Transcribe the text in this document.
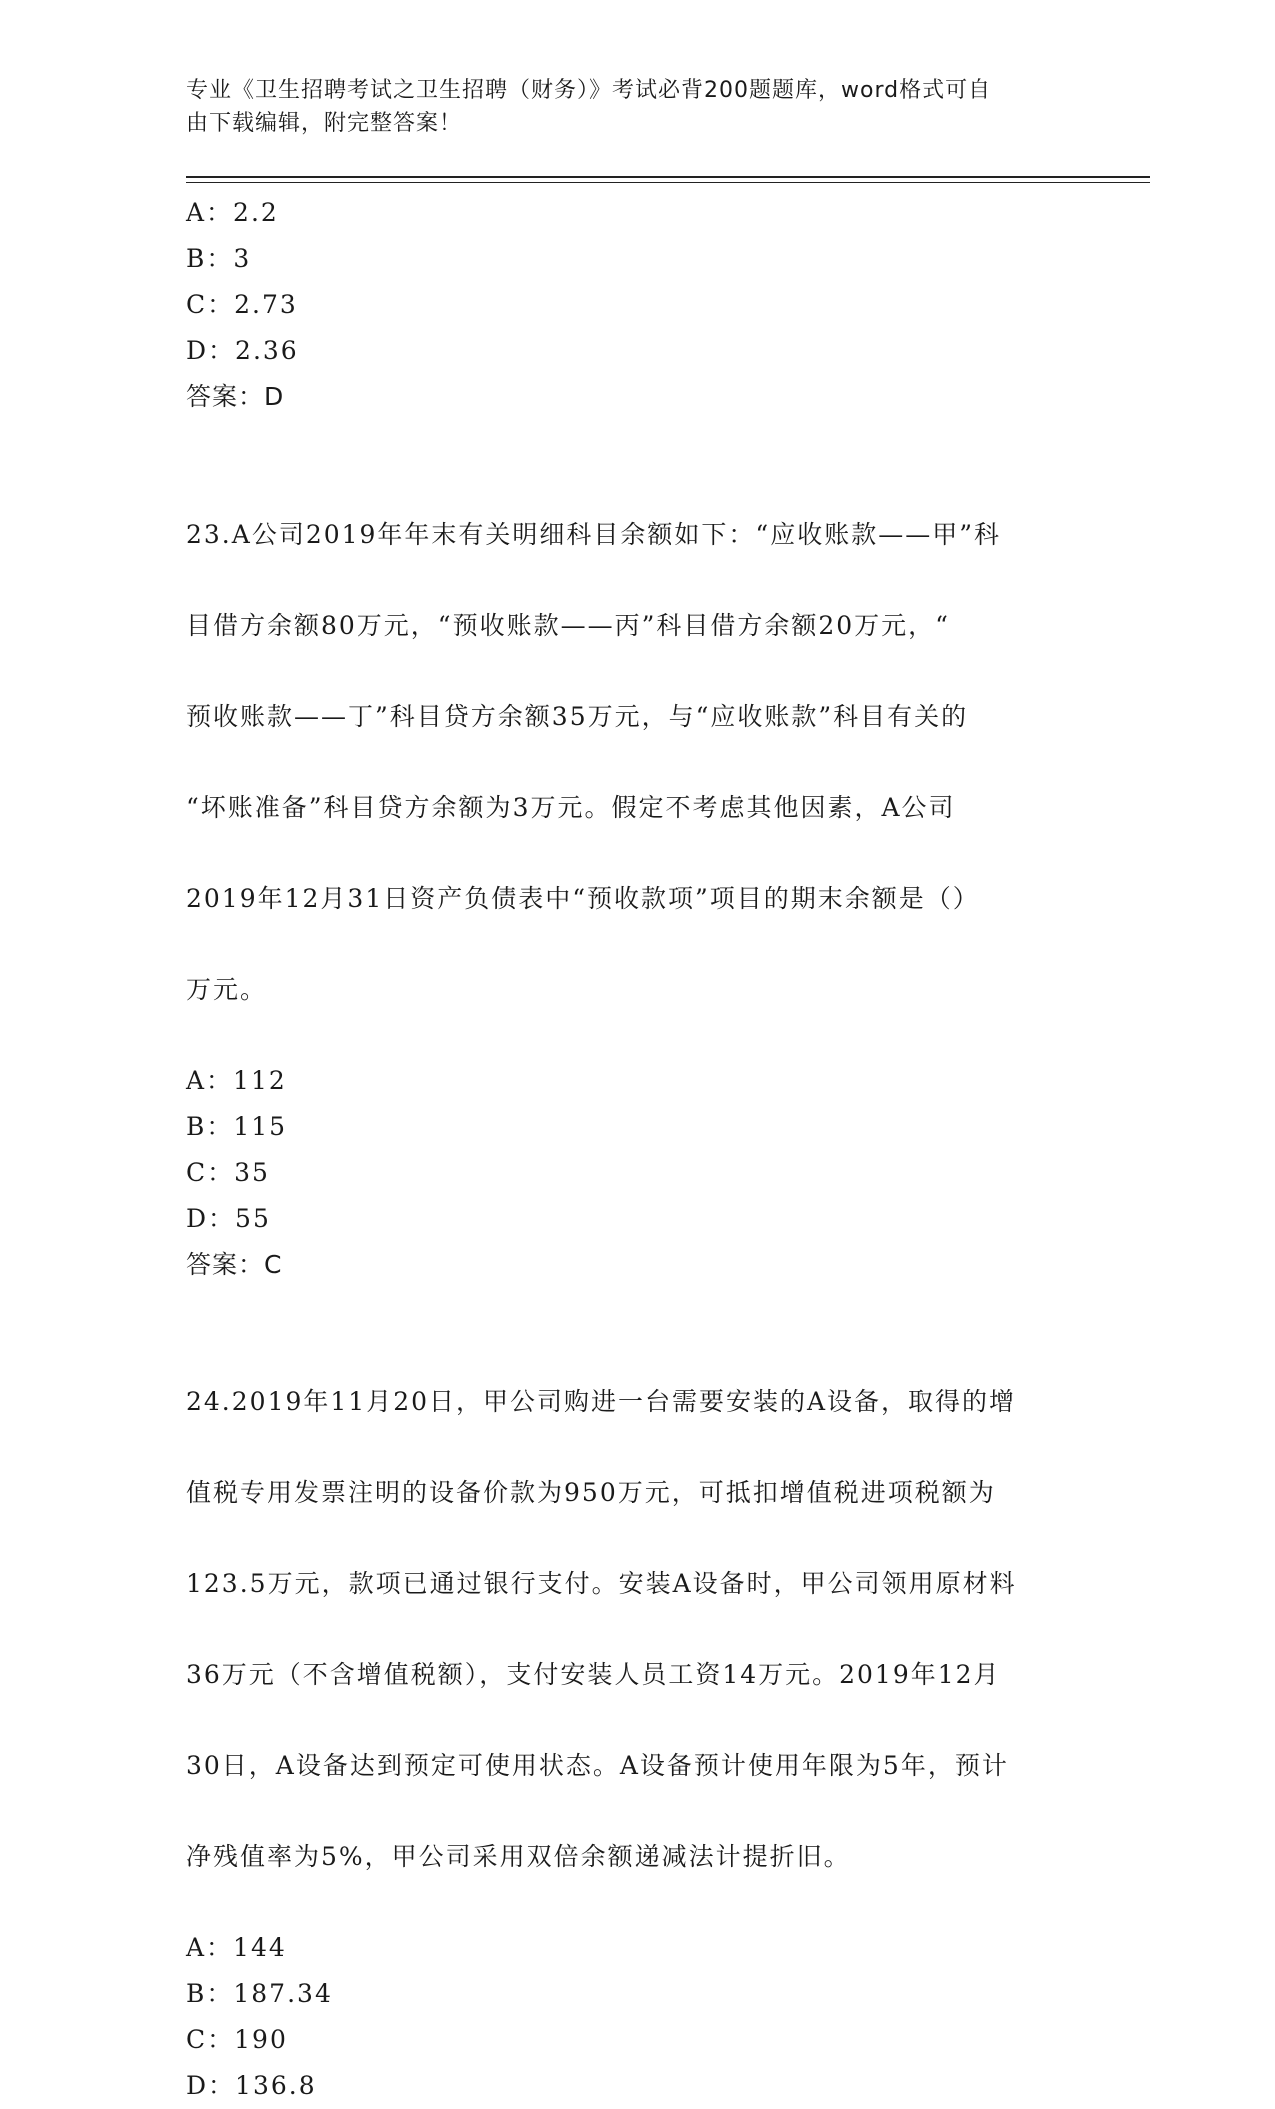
专业《卫生招聘考试之卫生招聘（财务）》考试必背200题题库，word格式可自
由下载编辑，附完整答案！
A：2.2
B：3
C：2.73
D：2.36
答案：D

23.A公司2019年年末有关明细科目余额如下：“应收账款——甲”科

目借方余额80万元，“预收账款——丙”科目借方余额20万元，“

预收账款——丁”科目贷方余额35万元，与“应收账款”科目有关的

“坏账准备”科目贷方余额为3万元。假定不考虑其他因素，A公司

2019年12月31日资产负债表中“预收款项”项目的期末余额是（）

万元。

A：112
B：115
C：35
D：55
答案：C

24.2019年11月20日，甲公司购进一台需要安装的A设备，取得的增

值税专用发票注明的设备价款为950万元，可抵扣增值税进项税额为

123.5万元，款项已通过银行支付。安装A设备时，甲公司领用原材料

36万元（不含增值税额），支付安装人员工资14万元。2019年12月

30日，A设备达到预定可使用状态。A设备预计使用年限为5年，预计

净残值率为5%，甲公司采用双倍余额递减法计提折旧。

A：144
B：187.34
C：190
D：136.8
